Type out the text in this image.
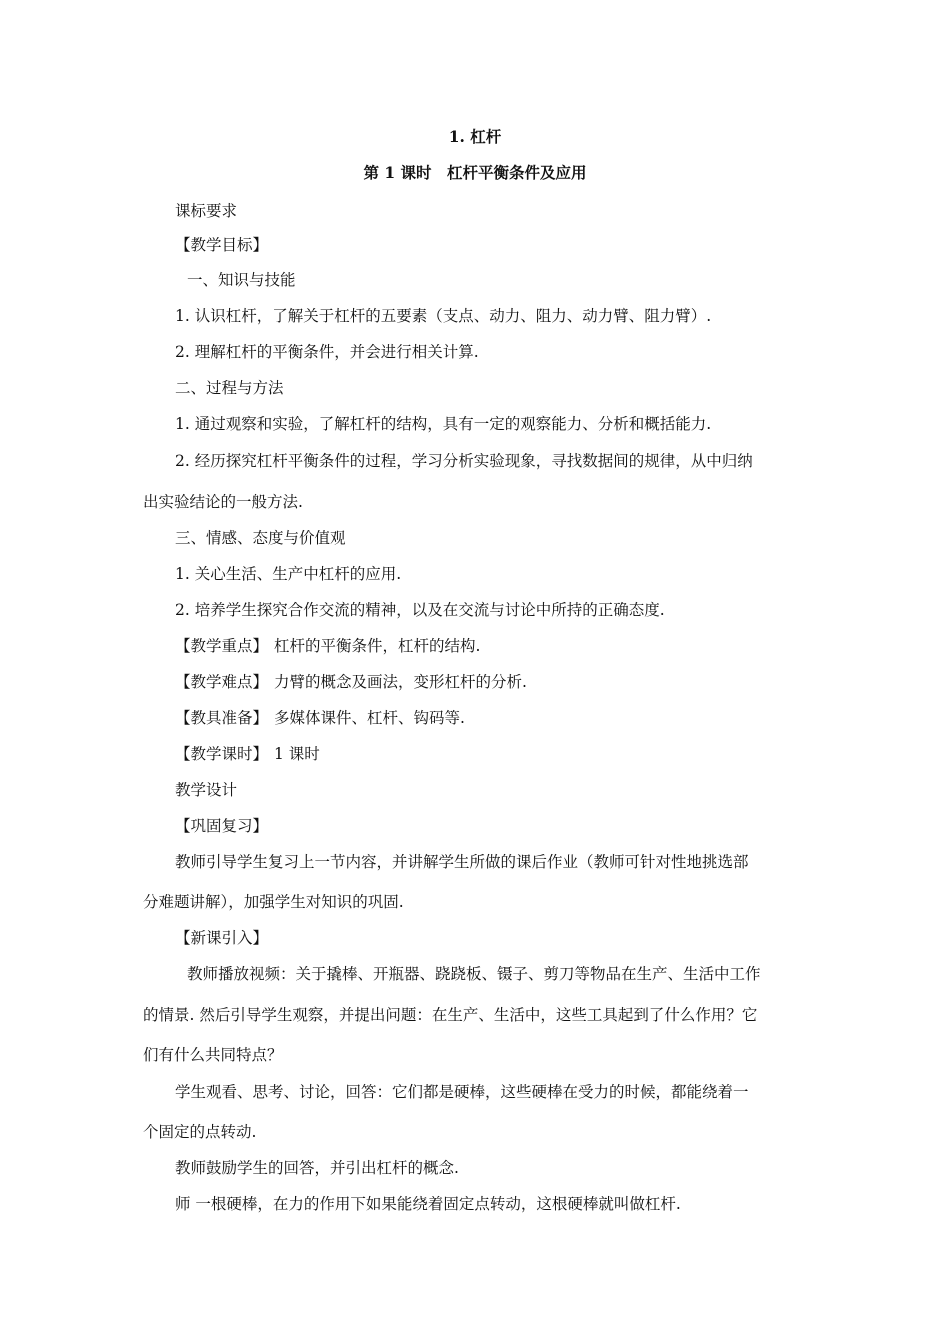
1. 杠杆
第 1 课时　杠杆平衡条件及应用
课标要求
【教学目标】
一、知识与技能
1. 认识杠杆，了解关于杠杆的五要素（支点、动力、阻力、动力臂、阻力臂）.
2. 理解杠杆的平衡条件，并会进行相关计算.
二、过程与方法
1. 通过观察和实验，了解杠杆的结构，具有一定的观察能力、分析和概括能力.
2. 经历探究杠杆平衡条件的过程，学习分析实验现象，寻找数据间的规律，从中归纳
出实验结论的一般方法.
三、情感、态度与价值观
1. 关心生活、生产中杠杆的应用.
2. 培养学生探究合作交流的精神，以及在交流与讨论中所持的正确态度.
【教学重点】 杠杆的平衡条件，杠杆的结构.
【教学难点】 力臂的概念及画法，变形杠杆的分析.
【教具准备】 多媒体课件、杠杆、钩码等.
【教学课时】 1 课时
教学设计
【巩固复习】
教师引导学生复习上一节内容，并讲解学生所做的课后作业（教师可针对性地挑选部
分难题讲解），加强学生对知识的巩固.
【新课引入】
教师播放视频：关于撬棒、开瓶器、跷跷板、镊子、剪刀等物品在生产、生活中工作
的情景. 然后引导学生观察，并提出问题：在生产、生活中，这些工具起到了什么作用？它
们有什么共同特点？
学生观看、思考、讨论，回答：它们都是硬棒，这些硬棒在受力的时候，都能绕着一
个固定的点转动.
教师鼓励学生的回答，并引出杠杆的概念.
师 一根硬棒，在力的作用下如果能绕着固定点转动，这根硬棒就叫做杠杆.
